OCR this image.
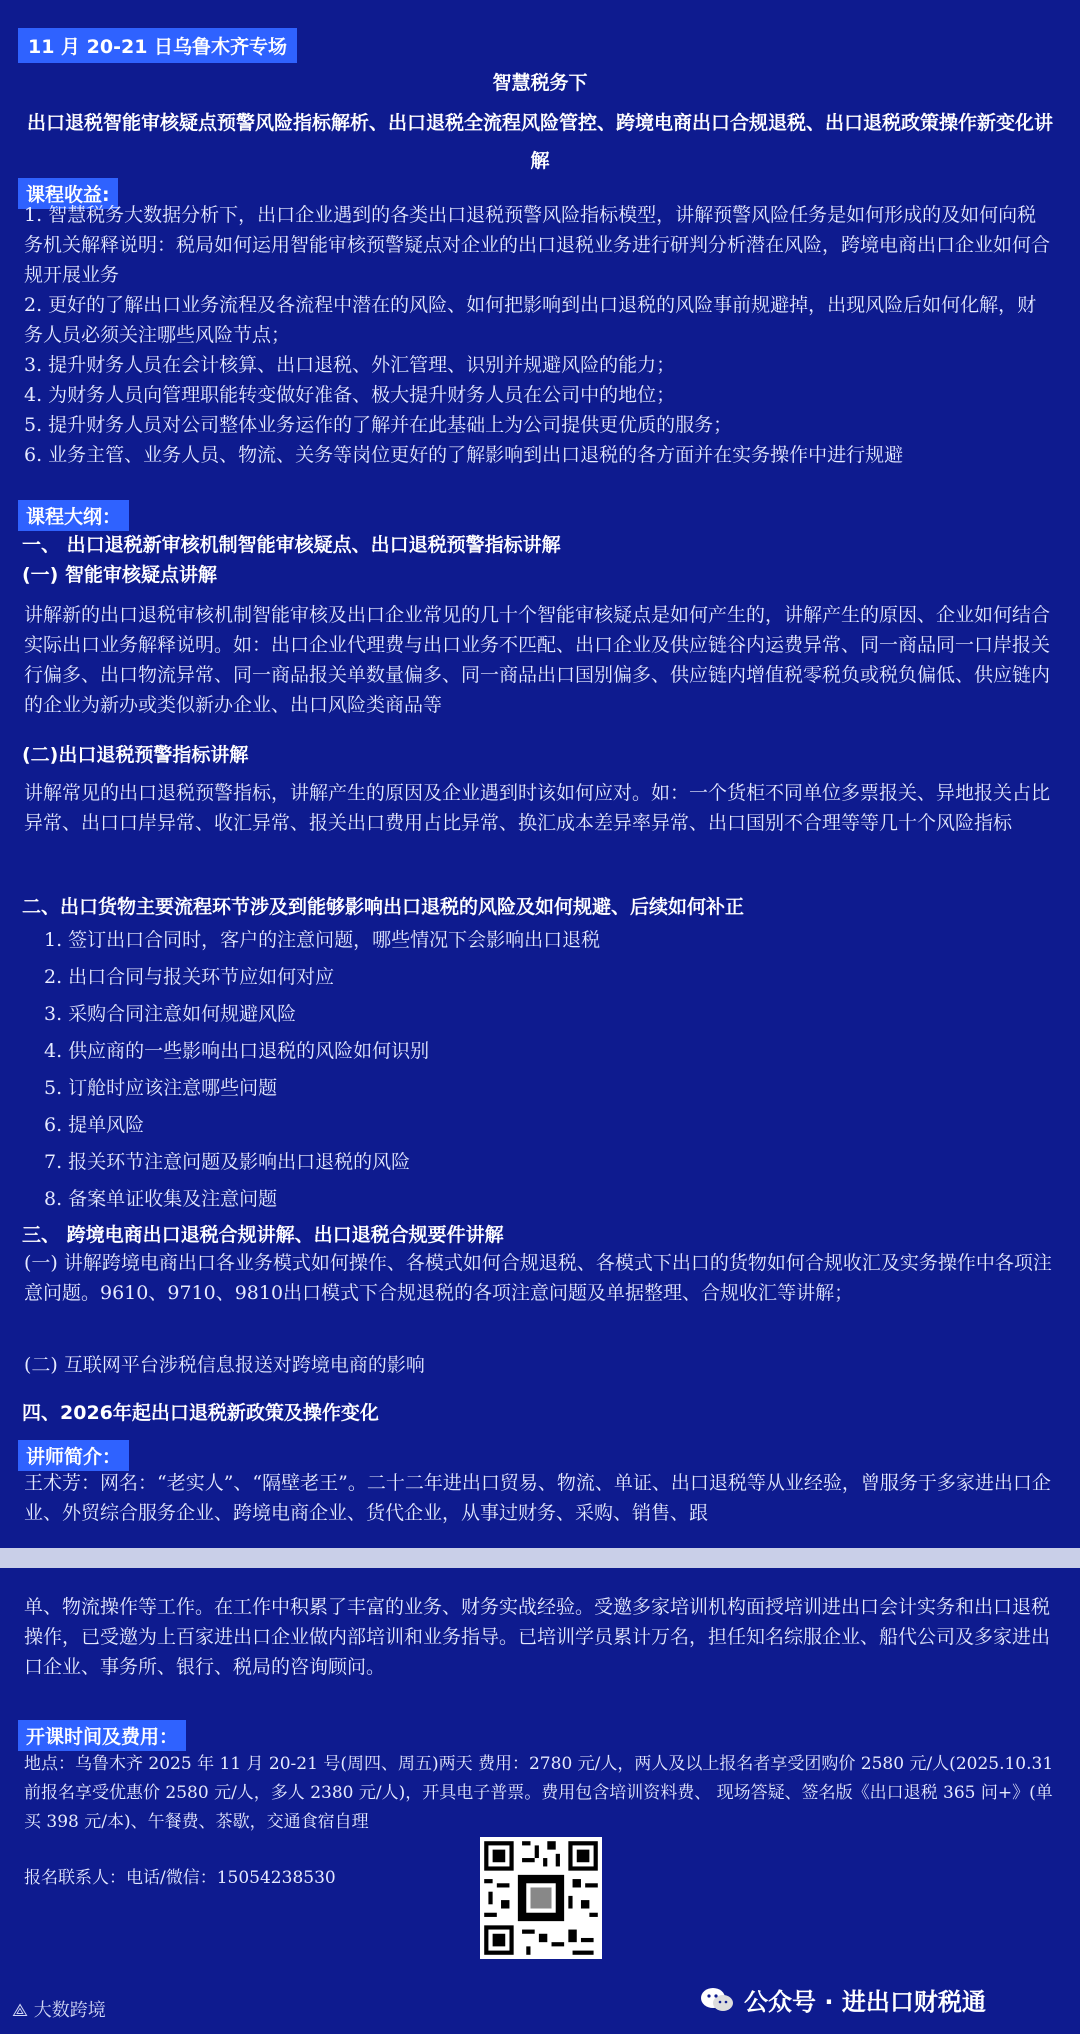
11 月 20-21 日乌鲁木齐专场
智慧税务下
出口退税智能审核疑点预警风险指标解析、出口退税全流程风险管控、跨境电商出口合规退税、出口退税政策操作新变化讲解
课程收益:
1. 智慧税务大数据分析下，出口企业遇到的各类出口退税预警风险指标模型，讲解预警风险任务是如何形成的及如何向税务机关解释说明：税局如何运用智能审核预警疑点对企业的出口退税业务进行研判分析潜在风险，跨境电商出口企业如何合规开展业务
2. 更好的了解出口业务流程及各流程中潜在的风险、如何把影响到出口退税的风险事前规避掉，出现风险后如何化解，财务人员必须关注哪些风险节点；
3. 提升财务人员在会计核算、出口退税、外汇管理、识别并规避风险的能力；
4. 为财务人员向管理职能转变做好准备、极大提升财务人员在公司中的地位；
5. 提升财务人员对公司整体业务运作的了解并在此基础上为公司提供更优质的服务；
6. 业务主管、业务人员、物流、关务等岗位更好的了解影响到出口退税的各方面并在实务操作中进行规避
课程大纲：
一、 出口退税新审核机制智能审核疑点、出口退税预警指标讲解
(一) 智能审核疑点讲解
讲解新的出口退税审核机制智能审核及出口企业常见的几十个智能审核疑点是如何产生的，讲解产生的原因、企业如何结合实际出口业务解释说明。如：出口企业代理费与出口业务不匹配、出口企业及供应链谷内运费异常、同一商品同一口岸报关行偏多、出口物流异常、同一商品报关单数量偏多、同一商品出口国别偏多、供应链内增值税零税负或税负偏低、供应链内的企业为新办或类似新办企业、出口风险类商品等
(二)出口退税预警指标讲解
讲解常见的出口退税预警指标，讲解产生的原因及企业遇到时该如何应对。如：一个货柜不同单位多票报关、异地报关占比异常、出口口岸异常、收汇异常、报关出口费用占比异常、换汇成本差异率异常、出口国别不合理等等几十个风险指标
二、出口货物主要流程环节涉及到能够影响出口退税的风险及如何规避、后续如何补正
1. 签订出口合同时，客户的注意问题，哪些情况下会影响出口退税
2. 出口合同与报关环节应如何对应
3. 采购合同注意如何规避风险
4. 供应商的一些影响出口退税的风险如何识别
5. 订舱时应该注意哪些问题
6. 提单风险
7. 报关环节注意问题及影响出口退税的风险
8. 备案单证收集及注意问题
三、 跨境电商出口退税合规讲解、出口退税合规要件讲解
(一) 讲解跨境电商出口各业务模式如何操作、各模式如何合规退税、各模式下出口的货物如何合规收汇及实务操作中各项注意问题。9610、9710、9810出口模式下合规退税的各项注意问题及单据整理、合规收汇等讲解；
(二) 互联网平台涉税信息报送对跨境电商的影响
四、2026年起出口退税新政策及操作变化
讲师简介：
王术芳：网名：“老实人”、“隔壁老王”。二十二年进出口贸易、物流、单证、出口退税等从业经验，曾服务于多家进出口企业、外贸综合服务企业、跨境电商企业、货代企业，从事过财务、采购、销售、跟
单、物流操作等工作。在工作中积累了丰富的业务、财务实战经验。受邀多家培训机构面授培训进出口会计实务和出口退税操作，已受邀为上百家进出口企业做内部培训和业务指导。已培训学员累计万名，担任知名综服企业、船代公司及多家进出口企业、事务所、银行、税局的咨询顾问。
开课时间及费用：
地点：乌鲁木齐 2025 年 11 月 20-21 号(周四、周五)两天 费用：2780 元/人，两人及以上报名者享受团购价 2580 元/人(2025.10.31 前报名享受优惠价 2580 元/人，多人 2380 元/人)，开具电子普票。费用包含培训资料费、 现场答疑、签名版《出口退税 365 问+》(单买 398 元/本)、午餐费、茶歇，交通食宿自理
报名联系人：电话/微信：15054238530
⟁ 大数跨境	公众号 · 进出口财税通
